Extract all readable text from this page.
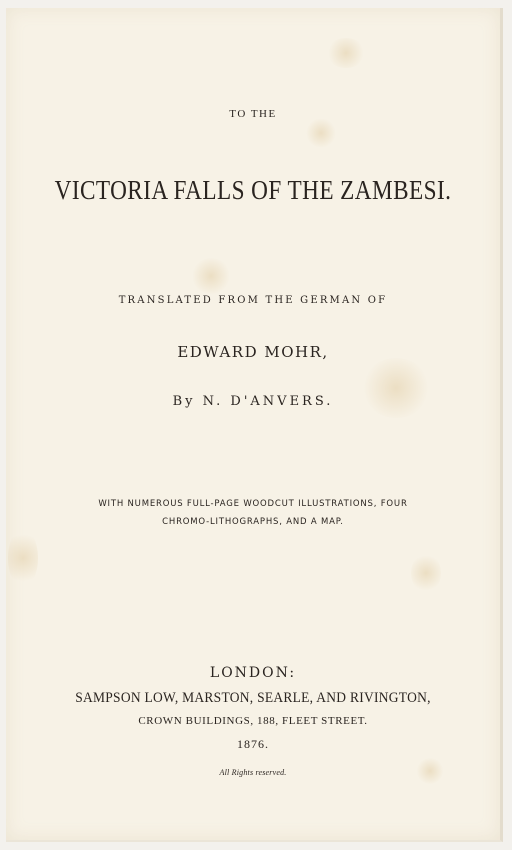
TO THE
VICTORIA FALLS OF THE ZAMBESI.
TRANSLATED FROM THE GERMAN OF
EDWARD MOHR,
By N. D'ANVERS.
WITH NUMEROUS FULL-PAGE WOODCUT ILLUSTRATIONS, FOUR
CHROMO-LITHOGRAPHS, AND A MAP.
LONDON:
SAMPSON LOW, MARSTON, SEARLE, AND RIVINGTON,
CROWN BUILDINGS, 188, FLEET STREET.
1876.
All Rights reserved.
